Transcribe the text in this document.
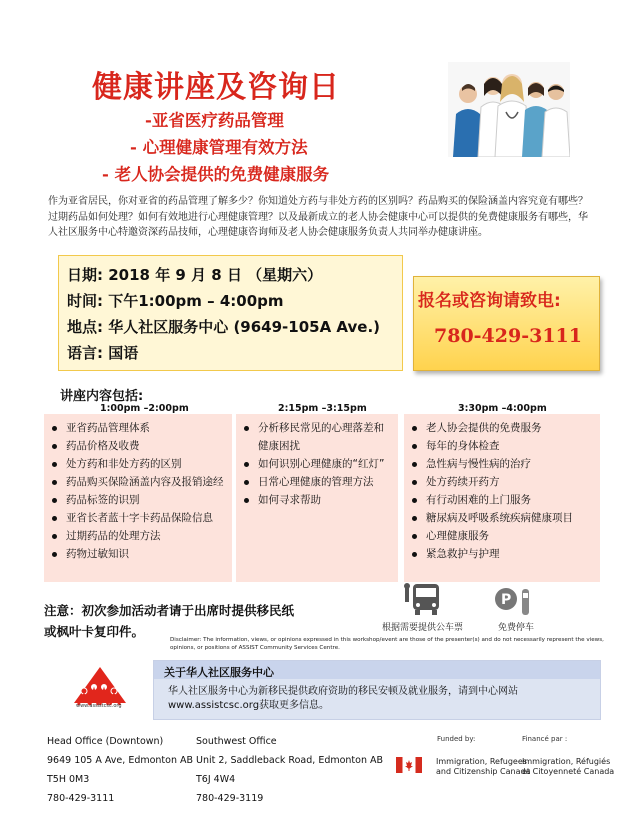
健康讲座及咨询日
-亚省医疗药品管理
- 心理健康管理有效方法
- 老人协会提供的免费健康服务
作为亚省居民，你对亚省的药品管理了解多少？你知道处方药与非处方药的区别吗？药品购买的保险涵盖内容究竟有哪些？过期药品如何处理？如何有效地进行心理健康管理？以及最新成立的老人协会健康中心可以提供的免费健康服务有哪些，华人社区服务中心特邀资深药品技师，心理健康咨询师及老人协会健康服务负责人共同举办健康讲座。
日期: 2018 年 9 月 8 日 （星期六）
时间: 下午1:00pm – 4:00pm
地点: 华人社区服务中心 (9649-105A Ave.)
语言: 国语
报名或咨询请致电:
780-429-3111
讲座内容包括:
1:00pm –2:00pm	2:15pm –3:15pm	3:30pm –4:00pm
亚省药品管理体系
药品价格及收费
处方药和非处方药的区别
药品购买保险涵盖内容及报销途经
药品标签的识别
亚省长者蓝十字卡药品保险信息
过期药品的处理方法
药物过敏知识
分析移民常见的心理落差和健康困扰
如何识别心理健康的“红灯”
日常心理健康的管理方法
如何寻求帮助
老人协会提供的免费服务
每年的身体检查
急性病与慢性病的治疗
处方药续开药方
有行动困难的上门服务
糖尿病及呼吸系统疾病健康项目
心理健康服务
紧急救护与护理
注意：初次参加活动者请于出席时提供移民纸
或枫叶卡复印件。	根据需要提供公车票
P
免费停车
Disclaimer: The information, views, or opinions expressed in this workshop/event are those of the presenter(s) and do not necessarily represent the views, opinions, or positions of ASSIST Community Services Centre.
www.assistcsc.org
关于华人社区服务中心
华人社区服务中心为新移民提供政府资助的移民安顿及就业服务，请到中心网站 www.assistcsc.org获取更多信息。
Head Office (Downtown)
9649 105 A Ave, Edmonton AB
T5H 0M3
780-429-3111
Southwest Office
Unit 2, Saddleback Road, Edmonton AB
T6J 4W4
780-429-3119
Funded by:	Financé par :
Immigration, Refugees
and Citizenship Canada
Immigration, Réfugiés
et Citoyenneté Canada
